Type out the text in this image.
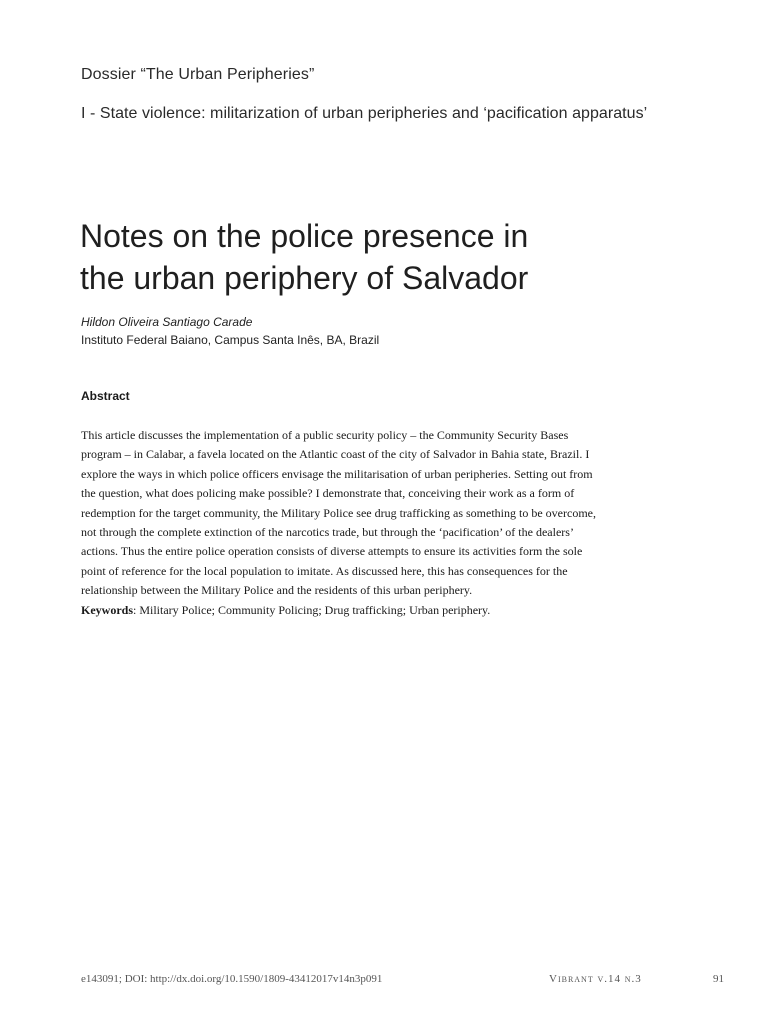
Dossier “The Urban Peripheries”
I - State violence: militarization of urban peripheries and ‘pacification apparatus’
Notes on the police presence in
the urban periphery of Salvador
Hildon Oliveira Santiago Carade
Instituto Federal Baiano, Campus Santa Inês, BA, Brazil
Abstract
This article discusses the implementation of a public security policy – the Community Security Bases
program – in Calabar, a favela located on the Atlantic coast of the city of Salvador in Bahia state, Brazil. I
explore the ways in which police officers envisage the militarisation of urban peripheries. Setting out from
the question, what does policing make possible? I demonstrate that, conceiving their work as a form of
redemption for the target community, the Military Police see drug trafficking as something to be overcome,
not through the complete extinction of the narcotics trade, but through the ‘pacification’ of the dealers’
actions. Thus the entire police operation consists of diverse attempts to ensure its activities form the sole
point of reference for the local population to imitate. As discussed here, this has consequences for the
relationship between the Military Police and the residents of this urban periphery.
Keywords: Military Police; Community Policing; Drug trafficking; Urban periphery.
e143091; DOI: http://dx.doi.org/10.1590/1809-43412017v14n3p091	Vibrant v.14 n.3	91
